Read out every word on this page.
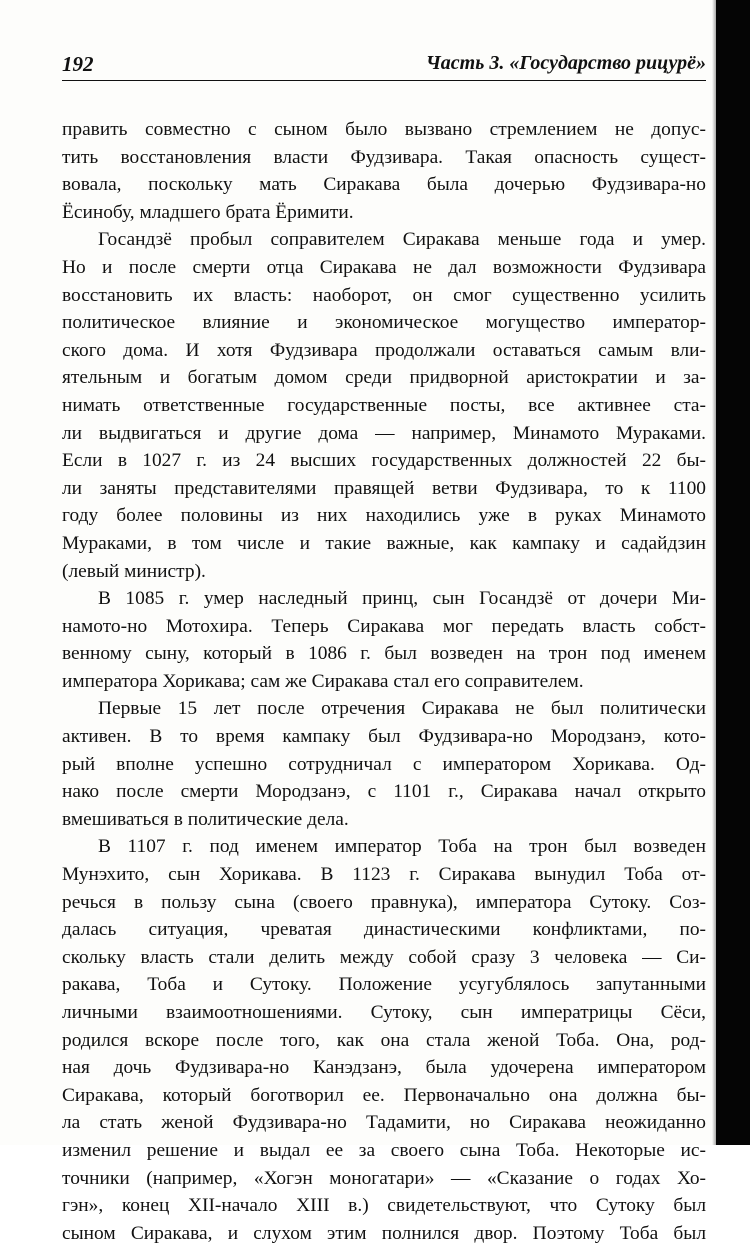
192	Часть 3. «Государство рицурё»
править совместно с сыном было вызвано стремлением не допус-
тить восстановления власти Фудзивара. Такая опасность сущест-
вовала, поскольку мать Сиракава была дочерью Фудзивара-но
Ёсинобу, младшего брата Ёримити.
Госандзё пробыл соправителем Сиракава меньше года и умер.
Но и после смерти отца Сиракава не дал возможности Фудзивара
восстановить их власть: наоборот, он смог существенно усилить
политическое влияние и экономическое могущество император-
ского дома. И хотя Фудзивара продолжали оставаться самым вли-
ятельным и богатым домом среди придворной аристократии и за-
нимать ответственные государственные посты, все активнее ста-
ли выдвигаться и другие дома — например, Минамото Мураками.
Если в 1027 г. из 24 высших государственных должностей 22 бы-
ли заняты представителями правящей ветви Фудзивара, то к 1100
году более половины из них находились уже в руках Минамото
Мураками, в том числе и такие важные, как кампаку и садайдзин
(левый министр).
В 1085 г. умер наследный принц, сын Госандзё от дочери Ми-
намото-но Мотохира. Теперь Сиракава мог передать власть собст-
венному сыну, который в 1086 г. был возведен на трон под именем
императора Хорикава; сам же Сиракава стал его соправителем.
Первые 15 лет после отречения Сиракава не был политически
активен. В то время кампаку был Фудзивара-но Мородзанэ, кото-
рый вполне успешно сотрудничал с императором Хорикава. Од-
нако после смерти Мородзанэ, с 1101 г., Сиракава начал открыто
вмешиваться в политические дела.
В 1107 г. под именем император Тоба на трон был возведен
Мунэхито, сын Хорикава. В 1123 г. Сиракава вынудил Тоба от-
речься в пользу сына (своего правнука), императора Сутоку. Соз-
далась ситуация, чреватая династическими конфликтами, по-
скольку власть стали делить между собой сразу 3 человека — Си-
ракава, Тоба и Сутоку. Положение усугублялось запутанными
личными взаимоотношениями. Сутоку, сын императрицы Сёси,
родился вскоре после того, как она стала женой Тоба. Она, род-
ная дочь Фудзивара-но Канэдзанэ, была удочерена императором
Сиракава, который боготворил ее. Первоначально она должна бы-
ла стать женой Фудзивара-но Тадамити, но Сиракава неожиданно
изменил решение и выдал ее за своего сына Тоба. Некоторые ис-
точники (например, «Хогэн моногатари» — «Сказание о годах Хо-
гэн», конец XII-начало XIII в.) свидетельствуют, что Сутоку был
сыном Сиракава, и слухом этим полнился двор. Поэтому Тоба был
